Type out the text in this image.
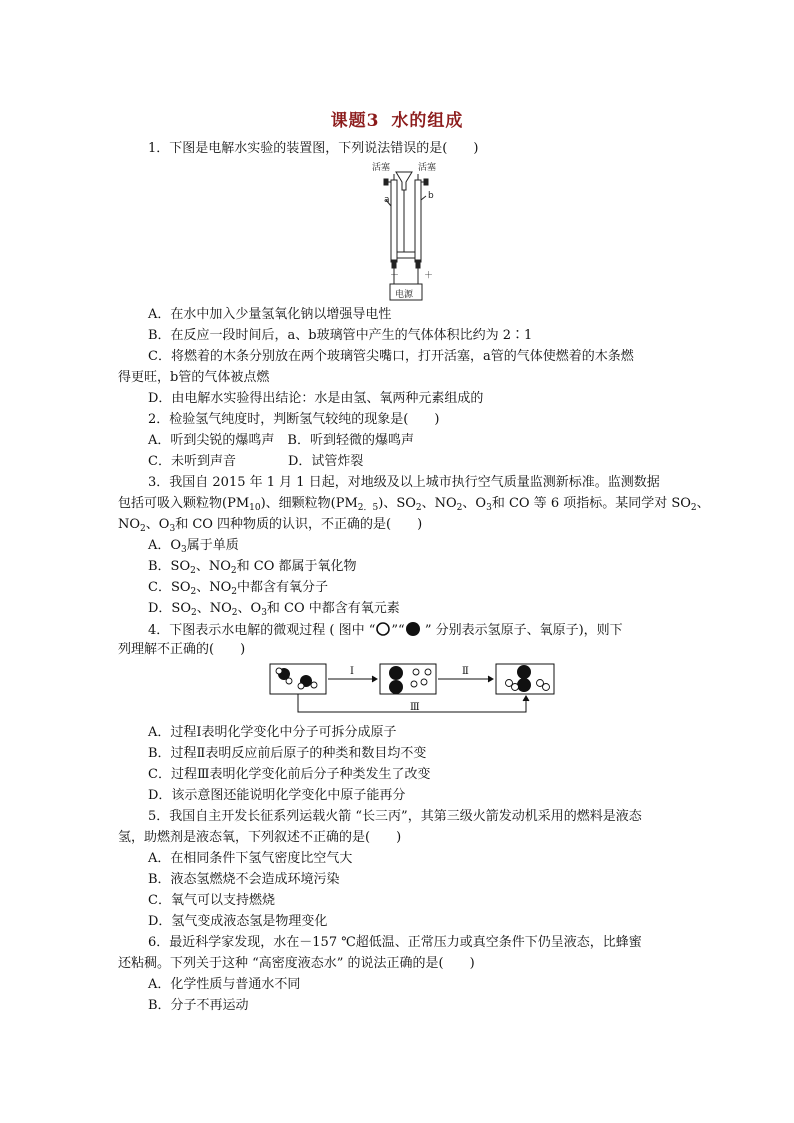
课题3 水的组成
1．下图是电解水实验的装置图，下列说法错误的是(　　)
活塞	活塞
a	b
－	＋
电源
A．在水中加入少量氢氧化钠以增强导电性
B．在反应一段时间后，a、b玻璃管中产生的气体体积比约为 2∶1
C．将燃着的木条分别放在两个玻璃管尖嘴口，打开活塞，a管的气体使燃着的木条燃
得更旺，b管的气体被点燃
D．由电解水实验得出结论：水是由氢、氧两种元素组成的
2．检验氢气纯度时，判断氢气较纯的现象是(　　)
A．听到尖锐的爆鸣声　B．听到轻微的爆鸣声
C．未听到声音　　　　D．试管炸裂
3．我国自 2015 年 1 月 1 日起，对地级及以上城市执行空气质量监测新标准。监测数据
包括可吸入颗粒物$(PM_{10})$、细颗粒物$(PM_{2.5})$、$SO_2$、$NO_2$、$O_3$和 CO 等 6 项指标。某同学对 $SO_2$、
$NO_2$、$O_3$和 CO 四种物质的认识，不正确的是(　　)
A．$O_3$属于单质
B．$SO_2$、$NO_2$和 CO 都属于氧化物
C．$SO_2$、$NO_2$中都含有氧分子
D．$SO_2$、$NO_2$、$O_3$和 CO 中都含有氧元素
4．下图表示水电解的微观过程 ( 图中 “ ”“ ” 分别表示氢原子、氧原子)，则下
列理解不正确的(　　)
Ⅰ	Ⅱ
Ⅲ
A．过程Ⅰ表明化学变化中分子可拆分成原子
B．过程Ⅱ表明反应前后原子的种类和数目均不变
C．过程Ⅲ表明化学变化前后分子种类发生了改变
D．该示意图还能说明化学变化中原子能再分
5．我国自主开发长征系列运载火箭 “长三丙”，其第三级火箭发动机采用的燃料是液态
氢，助燃剂是液态氧，下列叙述不正确的是(　　)
A．在相同条件下氢气密度比空气大
B．液态氢燃烧不会造成环境污染
C．氧气可以支持燃烧
D．氢气变成液态氢是物理变化
6．最近科学家发现，水在－157 ℃超低温、正常压力或真空条件下仍呈液态，比蜂蜜
还粘稠。下列关于这种 “高密度液态水” 的说法正确的是(　　)
A．化学性质与普通水不同
B．分子不再运动
